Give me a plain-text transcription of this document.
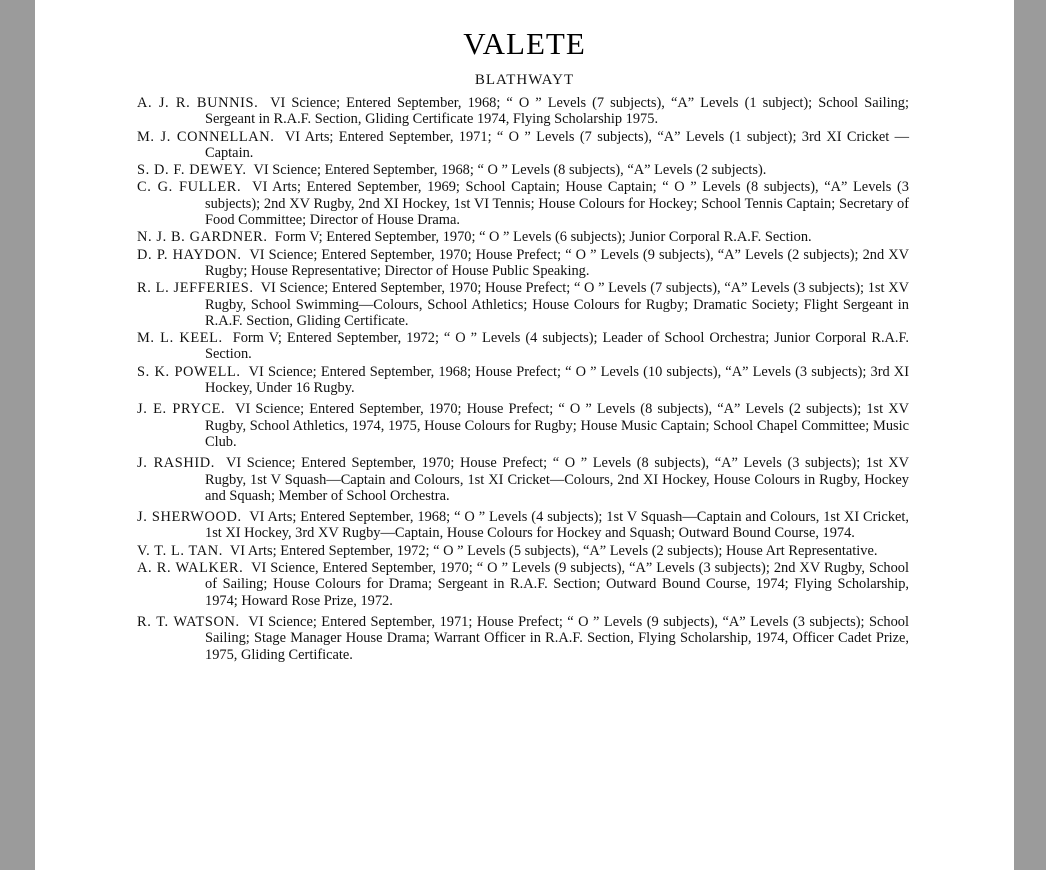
VALETE
BLATHWAYT

A. J. R. BUNNIS. VI Science; Entered September, 1968; “ O ” Levels (7 subjects), “A” Levels (1 subject); School Sailing; Sergeant in R.A.F. Section, Gliding Certificate 1974, Flying Scholarship 1975.

M. J. CONNELLAN. VI Arts; Entered September, 1971; “ O ” Levels (7 subjects), “A” Levels (1 subject); 3rd XI Cricket — Captain.

S. D. F. DEWEY. VI Science; Entered September, 1968; “ O ” Levels (8 subjects), “A” Levels (2 subjects).

C. G. FULLER. VI Arts; Entered September, 1969; School Captain; House Captain; “ O ” Levels (8 subjects), “A” Levels (3 subjects); 2nd XV Rugby, 2nd XI Hockey, 1st VI Tennis; House Colours for Hockey; School Tennis Captain; Secretary of Food Committee; Director of House Drama.

N. J. B. GARDNER. Form V; Entered September, 1970; “ O ” Levels (6 subjects); Junior Corporal R.A.F. Section.

D. P. HAYDON. VI Science; Entered September, 1970; House Prefect; “ O ” Levels (9 subjects), “A” Levels (2 subjects); 2nd XV Rugby; House Representative; Director of House Public Speaking.

R. L. JEFFERIES. VI Science; Entered September, 1970; House Prefect; “ O ” Levels (7 subjects), “A” Levels (3 subjects); 1st XV Rugby, School Swimming—Colours, School Athletics; House Colours for Rugby; Dramatic Society; Flight Sergeant in R.A.F. Section, Gliding Certificate.

M. L. KEEL. Form V; Entered September, 1972; “ O ” Levels (4 subjects); Leader of School Orchestra; Junior Corporal R.A.F. Section.

S. K. POWELL. VI Science; Entered September, 1968; House Prefect; “ O ” Levels (10 subjects), “A” Levels (3 subjects); 3rd XI Hockey, Under 16 Rugby.

J. E. PRYCE. VI Science; Entered September, 1970; House Prefect; “ O ” Levels (8 subjects), “A” Levels (2 subjects); 1st XV Rugby, School Athletics, 1974, 1975, House Colours for Rugby; House Music Captain; School Chapel Committee; Music Club.

J. RASHID. VI Science; Entered September, 1970; House Prefect; “ O ” Levels (8 subjects), “A” Levels (3 subjects); 1st XV Rugby, 1st V Squash—Captain and Colours, 1st XI Cricket—Colours, 2nd XI Hockey, House Colours in Rugby, Hockey and Squash; Member of School Orchestra.

J. SHERWOOD. VI Arts; Entered September, 1968; “ O ” Levels (4 subjects); 1st V Squash—Captain and Colours, 1st XI Cricket, 1st XI Hockey, 3rd XV Rugby—Captain, House Colours for Hockey and Squash; Outward Bound Course, 1974.

V. T. L. TAN. VI Arts; Entered September, 1972; “ O ” Levels (5 subjects), “A” Levels (2 subjects); House Art Representative.

A. R. WALKER. VI Science, Entered September, 1970; “ O ” Levels (9 subjects), “A” Levels (3 subjects); 2nd XV Rugby, School of Sailing; House Colours for Drama; Sergeant in R.A.F. Section; Outward Bound Course, 1974; Flying Scholarship, 1974; Howard Rose Prize, 1972.

R. T. WATSON. VI Science; Entered September, 1971; House Prefect; “ O ” Levels (9 subjects), “A” Levels (3 subjects); School Sailing; Stage Manager House Drama; Warrant Officer in R.A.F. Section, Flying Scholarship, 1974, Officer Cadet Prize, 1975, Gliding Certificate.
